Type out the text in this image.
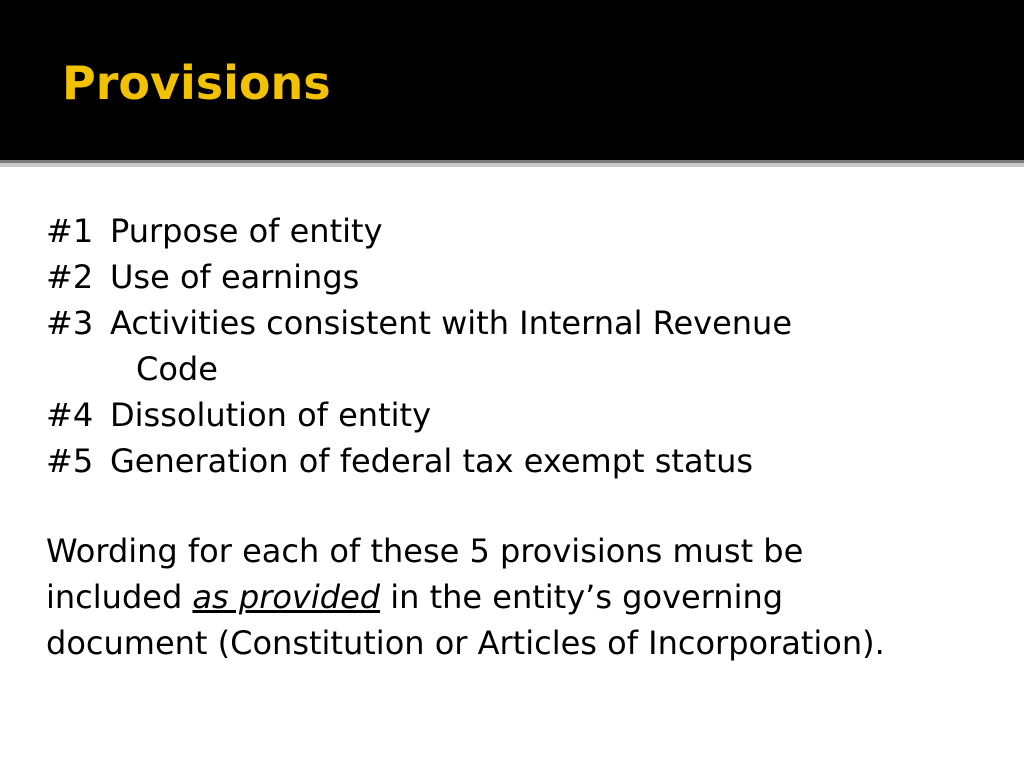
Provisions
#1 Purpose of entity
#2 Use of earnings
#3 Activities consistent with Internal Revenue
Code
#4 Dissolution of entity
#5 Generation of federal tax exempt status

Wording for each of these 5 provisions must be
included as provided in the entity’s governing
document (Constitution or Articles of Incorporation).
